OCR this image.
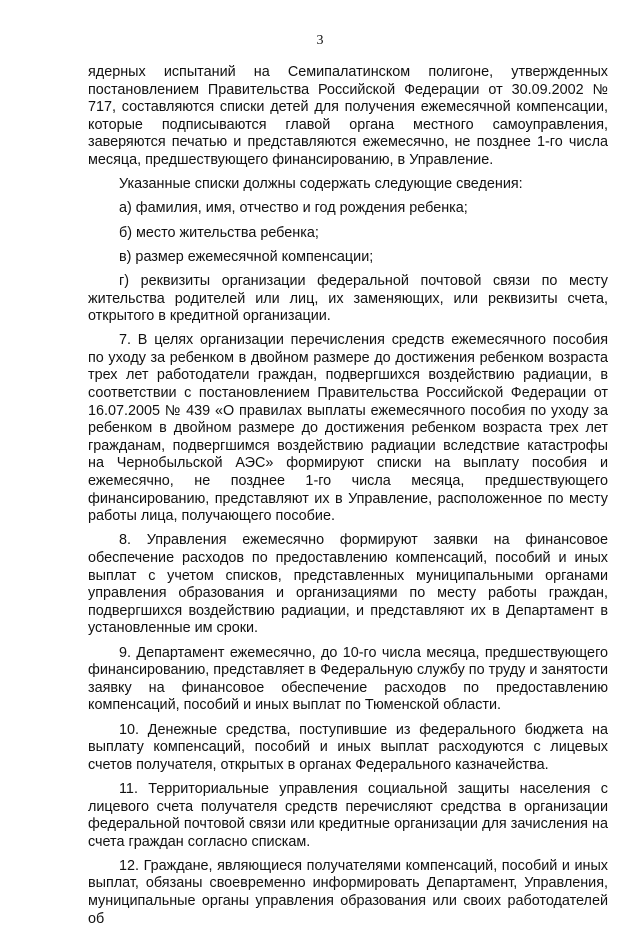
3

ядерных испытаний на Семипалатинском полигоне, утвержденных постановлением Правительства Российской Федерации от 30.09.2002 № 717, составляются списки детей для получения ежемесячной компенсации, которые подписываются главой органа местного самоуправления, заверяются печатью и представляются ежемесячно, не позднее 1-го числа месяца, предшествующего финансированию, в Управление.

Указанные списки должны содержать следующие сведения:

а) фамилия, имя, отчество и год рождения ребенка;

б) место жительства ребенка;

в) размер ежемесячной компенсации;

г) реквизиты организации федеральной почтовой связи по месту жительства родителей или лиц, их заменяющих, или реквизиты счета, открытого в кредитной организации.

7. В целях организации перечисления средств ежемесячного пособия по уходу за ребенком в двойном размере до достижения ребенком возраста трех лет работодатели граждан, подвергшихся воздействию радиации, в соответствии с постановлением Правительства Российской Федерации от 16.07.2005 № 439 «О правилах выплаты ежемесячного пособия по уходу за ребенком в двойном размере до достижения ребенком возраста трех лет гражданам, подвергшимся воздействию радиации вследствие катастрофы на Чернобыльской АЭС» формируют списки на выплату пособия и ежемесячно, не позднее 1-го числа месяца, предшествующего финансированию, представляют их в Управление, расположенное по месту работы лица, получающего пособие.

8. Управления ежемесячно формируют заявки на финансовое обеспечение расходов по предоставлению компенсаций, пособий и иных выплат с учетом списков, представленных муниципальными органами управления образования и организациями по месту работы граждан, подвергшихся воздействию радиации, и представляют их в Департамент в установленные им сроки.

9. Департамент ежемесячно, до 10-го числа месяца, предшествующего финансированию, представляет в Федеральную службу по труду и занятости заявку на финансовое обеспечение расходов по предоставлению компенсаций, пособий и иных выплат по Тюменской области.

10. Денежные средства, поступившие из федерального бюджета на выплату компенсаций, пособий и иных выплат расходуются с лицевых счетов получателя, открытых в органах Федерального казначейства.

11. Территориальные управления социальной защиты населения с лицевого счета получателя средств перечисляют средства в организации федеральной почтовой связи или кредитные организации для зачисления на счета граждан согласно спискам.

12. Граждане, являющиеся получателями компенсаций, пособий и иных выплат, обязаны своевременно информировать Департамент, Управления, муниципальные органы управления образования или своих работодателей об
